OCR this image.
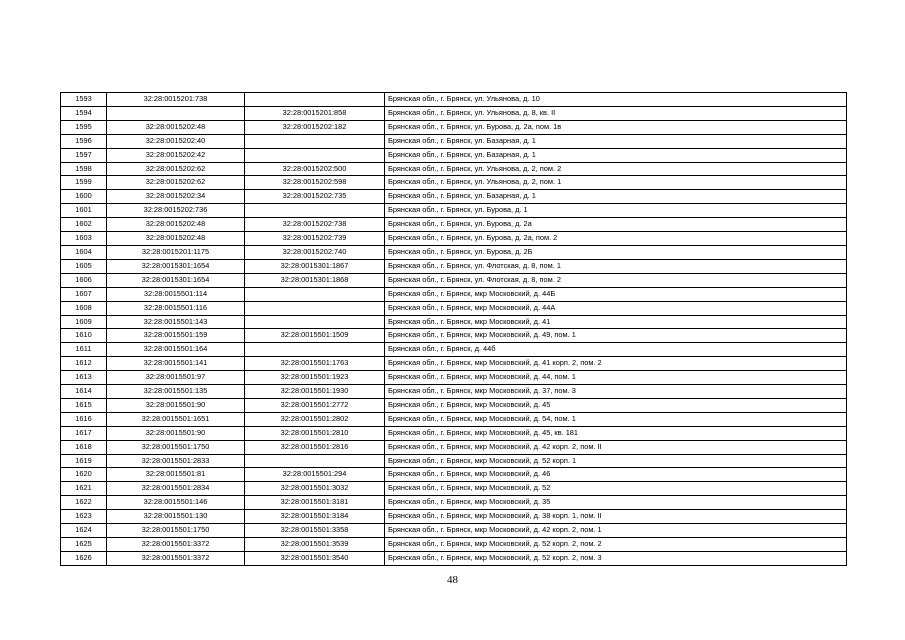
1593	32:28:0015201:738		Брянская обл., г. Брянск, ул. Ульянова, д. 10
1594		32:28:0015201:858	Брянская обл., г. Брянск, ул. Ульянова, д. 8, кв. II
1595	32:28:0015202:48	32:28:0015202:182	Брянская обл., г. Брянск, ул. Бурова, д. 2а, пом. 1в
1596	32:28:0015202:40		Брянская обл., г. Брянск, ул. Базарная, д. 1
1597	32:28:0015202:42		Брянская обл., г. Брянск, ул. Базарная, д. 1
1598	32:28:0015202:62	32:28:0015202:500	Брянская обл., г. Брянск, ул. Ульянова, д. 2, пом. 2
1599	32:28:0015202:62	32:28:0015202:598	Брянская обл., г. Брянск, ул. Ульянова, д. 2, пом. 1
1600	32:28:0015202:34	32:28:0015202:735	Брянская обл., г. Брянск, ул. Базарная, д. 1
1601	32:28:0015202:736		Брянская обл., г. Брянск, ул. Бурова, д. 1
1602	32:28:0015202:48	32:28:0015202:738	Брянская обл., г. Брянск, ул. Бурова, д. 2а
1603	32:28:0015202:48	32:28:0015202:739	Брянская обл., г. Брянск, ул. Бурова, д. 2а, пом. 2
1604	32:28:0015201:1175	32:28:0015202:740	Брянская обл., г. Брянск, ул. Бурова, д. 2Б
1605	32:28:0015301:1654	32:28:0015301:1867	Брянская обл., г. Брянск, ул. Флотская, д. 8, пом. 1
1606	32:28:0015301:1654	32:28:0015301:1868	Брянская обл., г. Брянск, ул. Флотская, д. 8, пом. 2
1607	32:28:0015501:114		Брянская обл., г. Брянск, мкр Московский, д. 44Б
1608	32:28:0015501:116		Брянская обл., г. Брянск, мкр Московский, д. 44А
1609	32:28:0015501:143		Брянская обл., г. Брянск, мкр Московский, д. 41
1610	32:28:0015501:159	32:28:0015501:1509	Брянская обл., г. Брянск, мкр Московский, д. 49, пом. 1
1611	32:28:0015501:164		Брянская обл., г. Брянск, д. 44б
1612	32:28:0015501:141	32:28:0015501:1763	Брянская обл., г. Брянск, мкр Московский, д. 41 корп. 2, пом. 2
1613	32:28:0015501:97	32:28:0015501:1923	Брянская обл., г. Брянск, мкр Московский, д. 44, пом. 1
1614	32:28:0015501:135	32:28:0015501:1930	Брянская обл., г. Брянск, мкр Московский, д. 37, пом. 3
1615	32:28:0015501:90	32:28:0015501:2772	Брянская обл., г. Брянск, мкр Московский, д. 45
1616	32:28:0015501:1651	32:28:0015501:2802	Брянская обл., г. Брянск, мкр Московский, д. 54, пом. 1
1617	32:28:0015501:90	32:28:0015501:2810	Брянская обл., г. Брянск, мкр Московский, д. 45, кв. 181
1618	32:28:0015501:1750	32:28:0015501:2816	Брянская обл., г. Брянск, мкр Московский, д. 42 корп. 2, пом. II
1619	32:28:0015501:2833		Брянская обл., г. Брянск, мкр Московский, д. 52 корп. 1
1620	32:28:0015501:81	32:28:0015501:294	Брянская обл., г. Брянск, мкр Московский, д. 46
1621	32:28:0015501:2834	32:28:0015501:3032	Брянская обл., г. Брянск, мкр Московский, д. 52
1622	32:28:0015501:146	32:28:0015501:3181	Брянская обл., г. Брянск, мкр Московский, д. 35
1623	32:28:0015501:130	32:28:0015501:3184	Брянская обл., г. Брянск, мкр Московский, д. 38 корп. 1, пом. II
1624	32:28:0015501:1750	32:28:0015501:3358	Брянская обл., г. Брянск, мкр Московский, д. 42 корп. 2, пом. 1
1625	32:28:0015501:3372	32:28:0015501:3539	Брянская обл., г. Брянск, мкр Московский, д. 52 корп. 2, пом. 2
1626	32:28:0015501:3372	32:28:0015501:3540	Брянская обл., г. Брянск, мкр Московский, д. 52 корп. 2, пом. 3
48
